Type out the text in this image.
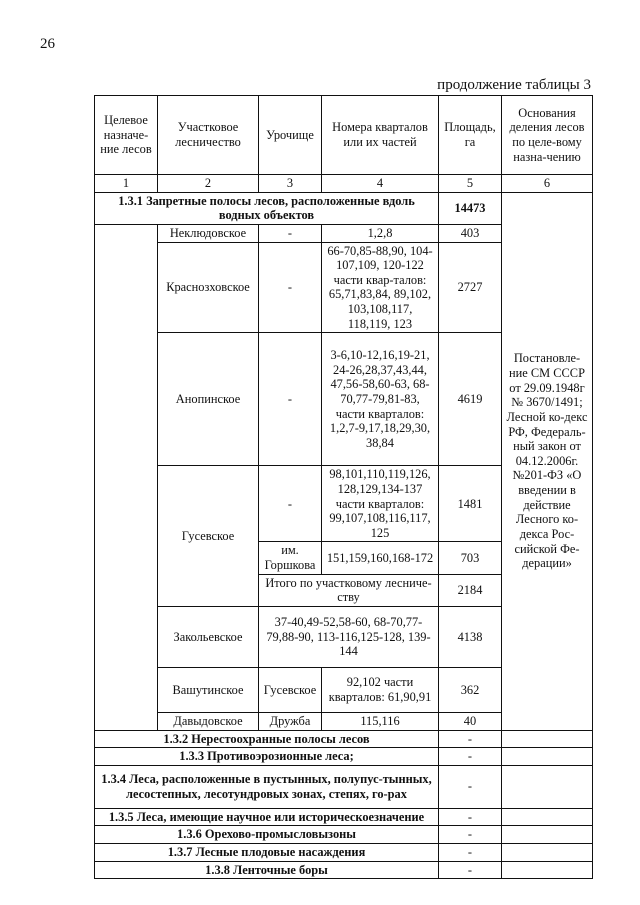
26
продолжение таблицы 3
Целевое назначе-ние лесов	Участковое лесничество	Урочище	Номера кварталов или их частей	Площадь, га	Основания деления лесов по целе-вому назна-чению
1	2	3	4	5	6
1.3.1 Запретные полосы лесов, расположенные вдоль водных объектов				14473	Постановле-ние СМ СССР от 29.09.1948г № 3670/1491; Лесной ко-декс РФ, Федераль-ный закон от 04.12.2006г. №201-ФЗ «О введении в действие Лесного ко-декса Рос-сийской Фе-дерации»
	Неклюдовское	-	1,2,8	403	
	Краснозховское	-	66-70,85-88,90, 104-107,109, 120-122 части квар-талов: 65,71,83,84, 89,102, 103,108,117, 118,119, 123	2727	
	Анопинское	-	3-6,10-12,16,19-21, 24-26,28,37,43,44, 47,56-58,60-63, 68-70,77-79,81-83, части кварталов: 1,2,7-9,17,18,29,30, 38,84	4619	
	Гусевское	-	98,101,110,119,126, 128,129,134-137 части кварталов: 99,107,108,116,117, 125	1481	
		им. Горшкова	151,159,160,168-172	703	
		Итого по участковому лесниче-ству		2184	
	Закольевское	37-40,49-52,58-60, 68-70,77-79,88-90, 113-116,125-128, 139-144		4138	
	Вашутинское	Гусевское	92,102 части кварталов: 61,90,91	362	
	Давыдовское	Дружба	115,116	40	
1.3.2 Нерестоохранные полосы лесов				-	
1.3.3 Противоэрозионные леса;				-	
1.3.4 Леса, расположенные в пустынных, полупус-тынных, лесостепных, лесотундровых зонах, степях, го-рах				-	
1.3.5 Леса, имеющие научное или историческоезначение				-	
1.3.6 Орехово-промысловызоны				-	
1.3.7 Лесные плодовые насаждения				-	
1.3.8 Ленточные боры				-	
